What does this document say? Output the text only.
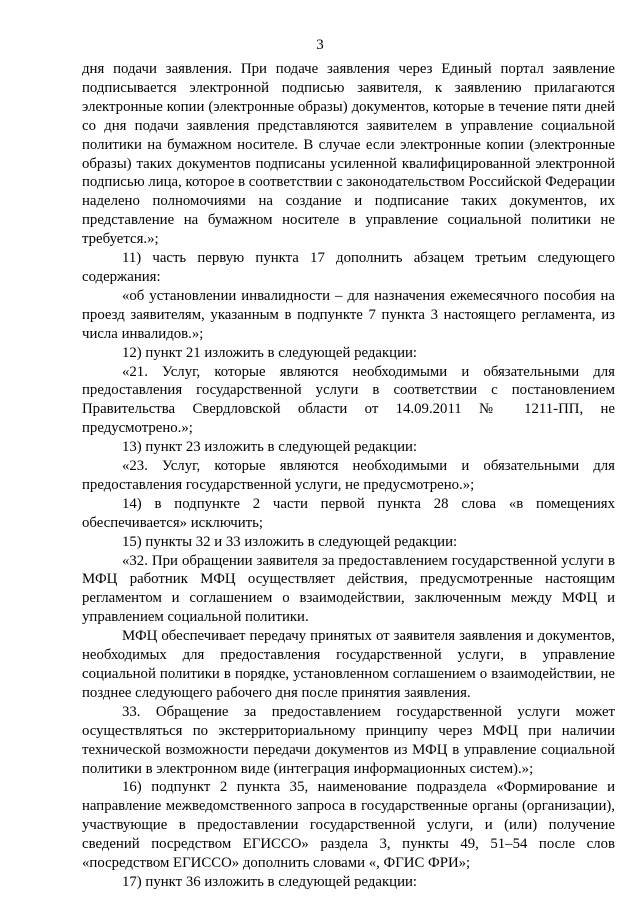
3

дня подачи заявления. При подаче заявления через Единый портал заявление подписывается электронной подписью заявителя, к заявлению прилагаются электронные копии (электронные образы) документов, которые в течение пяти дней со дня подачи заявления представляются заявителем в управление социальной политики на бумажном носителе. В случае если электронные копии (электронные образы) таких документов подписаны усиленной квалифицированной электронной подписью лица, которое в соответствии с законодательством Российской Федерации наделено полномочиями на создание и подписание таких документов, их представление на бумажном носителе в управление социальной политики не требуется.»;

11) часть первую пункта 17 дополнить абзацем третьим следующего содержания:

«об установлении инвалидности – для назначения ежемесячного пособия на проезд заявителям, указанным в подпункте 7 пункта 3 настоящего регламента, из числа инвалидов.»;

12) пункт 21 изложить в следующей редакции:

«21. Услуг, которые являются необходимыми и обязательными для предоставления государственной услуги в соответствии с постановлением Правительства Свердловской области от 14.09.2011 № 1211-ПП, не предусмотрено.»;

13) пункт 23 изложить в следующей редакции:

«23. Услуг, которые являются необходимыми и обязательными для предоставления государственной услуги, не предусмотрено.»;

14) в подпункте 2 части первой пункта 28 слова «в помещениях обеспечивается» исключить;

15) пункты 32 и 33 изложить в следующей редакции:

«32. При обращении заявителя за предоставлением государственной услуги в МФЦ работник МФЦ осуществляет действия, предусмотренные настоящим регламентом и соглашением о взаимодействии, заключенным между МФЦ и управлением социальной политики.

МФЦ обеспечивает передачу принятых от заявителя заявления и документов, необходимых для предоставления государственной услуги, в управление социальной политики в порядке, установленном соглашением о взаимодействии, не позднее следующего рабочего дня после принятия заявления.

33. Обращение за предоставлением государственной услуги может осуществляться по экстерриториальному принципу через МФЦ при наличии технической возможности передачи документов из МФЦ в управление социальной политики в электронном виде (интеграция информационных систем).»;

16) подпункт 2 пункта 35, наименование подраздела «Формирование и направление межведомственного запроса в государственные органы (организации), участвующие в предоставлении государственной услуги, и (или) получение сведений посредством ЕГИССО» раздела 3, пункты 49, 51–54 после слов «посредством ЕГИССО» дополнить словами «, ФГИС ФРИ»;

17) пункт 36 изложить в следующей редакции:
